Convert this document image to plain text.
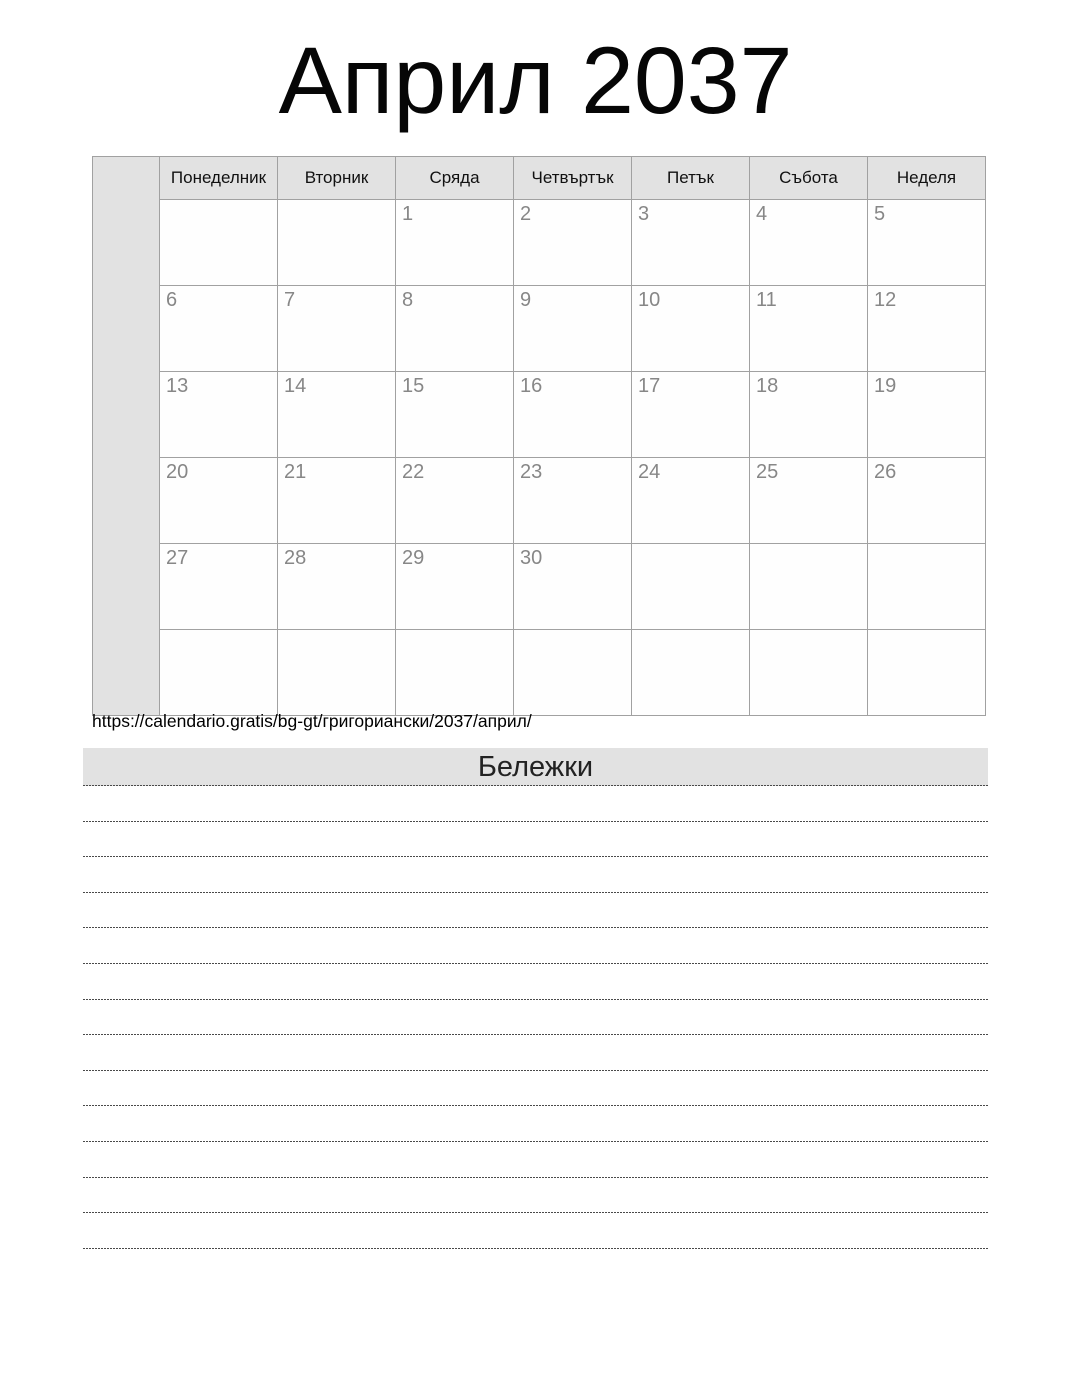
Април 2037
	Понеделник	Вторник	Сряда	Четвъртък	Петък	Събота	Неделя

			1	2	3	4	5

	6	7	8	9	10	11	12

	13	14	15	16	17	18	19

	20	21	22	23	24	25	26

	27	28	29	30			

https://calendario.gratis/bg-gt/григориански/2037/април/
Бележки
